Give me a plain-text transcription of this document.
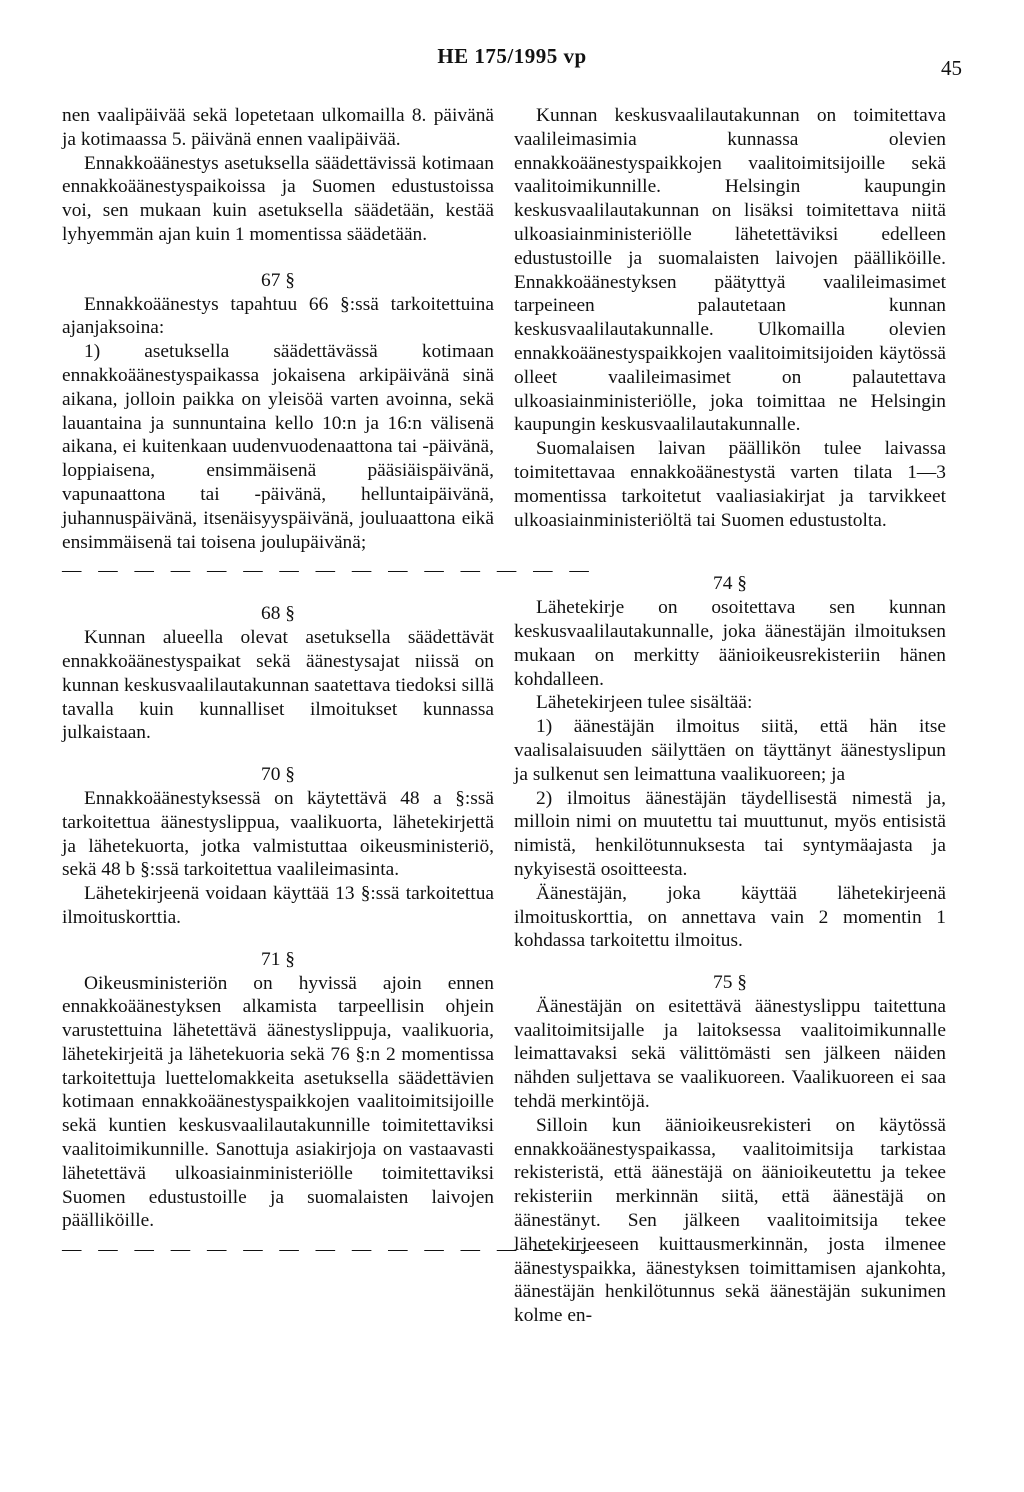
HE 175/1995 vp	45

nen vaalipäivää sekä lopetetaan ulkomailla 8. päivänä ja kotimaassa 5. päivänä ennen vaalipäivää.

Ennakkoäänestys asetuksella säädettävissä kotimaan ennakkoäänestyspaikoissa ja Suomen edustustoissa voi, sen mukaan kuin asetuksella säädetään, kestää lyhyemmän ajan kuin 1 momentissa säädetään.

67 §

Ennakkoäänestys tapahtuu 66 §:ssä tarkoitettuina ajanjaksoina:

1) asetuksella säädettävässä kotimaan ennakkoäänestyspaikassa jokaisena arkipäivänä sinä aikana, jolloin paikka on yleisöä varten avoinna, sekä lauantaina ja sunnuntaina kello 10:n ja 16:n välisenä aikana, ei kuitenkaan uudenvuodenaattona tai -päivänä, loppiaisena, ensimmäisenä pääsiäispäivänä, vapunaattona tai -päivänä, helluntaipäivänä, juhannuspäivänä, itsenäisyyspäivänä, jouluaattona eikä ensimmäisenä tai toisena joulupäivänä;

— — — — — — — — — — — — — — —

68 §

Kunnan alueella olevat asetuksella säädettävät ennakkoäänestyspaikat sekä äänestysajat niissä on kunnan keskusvaalilautakunnan saatettava tiedoksi sillä tavalla kuin kunnalliset ilmoitukset kunnassa julkaistaan.

70 §

Ennakkoäänestyksessä on käytettävä 48 a §:ssä tarkoitettua äänestyslippua, vaalikuorta, lähetekirjettä ja lähetekuorta, jotka valmistuttaa oikeusministeriö, sekä 48 b §:ssä tarkoitettua vaalileimasinta.

Lähetekirjeenä voidaan käyttää 13 §:ssä tarkoitettua ilmoituskorttia.

71 §

Oikeusministeriön on hyvissä ajoin ennen ennakkoäänestyksen alkamista tarpeellisin ohjein varustettuina lähetettävä äänestyslippuja, vaalikuoria, lähetekirjeitä ja lähetekuoria sekä 76 §:n 2 momentissa tarkoitettuja luettelomakkeita asetuksella säädettävien kotimaan ennakkoäänestyspaikkojen vaalitoimitsijoille sekä kuntien keskusvaalilautakunnille toimitettaviksi vaalitoimikunnille. Sanottuja asiakirjoja on vastaavasti lähetettävä ulkoasiainministeriölle toimitettaviksi Suomen edustustoille ja suomalaisten laivojen päälliköille.

— — — — — — — — — — — — — — —

Kunnan keskusvaalilautakunnan on toimitettava vaalileimasimia kunnassa olevien ennakkoäänestyspaikkojen vaalitoimitsijoille sekä vaalitoimikunnille. Helsingin kaupungin keskusvaalilautakunnan on lisäksi toimitettava niitä ulkoasiainministeriölle lähetettäviksi edelleen edustustoille ja suomalaisten laivojen päälliköille. Ennakkoäänestyksen päätyttyä vaalileimasimet tarpeineen palautetaan kunnan keskusvaalilautakunnalle. Ulkomailla olevien ennakkoäänestyspaikkojen vaalitoimitsijoiden käytössä olleet vaalileimasimet on palautettava ulkoasiainministeriölle, joka toimittaa ne Helsingin kaupungin keskusvaalilautakunnalle.

Suomalaisen laivan päällikön tulee laivassa toimitettavaa ennakkoäänestystä varten tilata 1—3 momentissa tarkoitetut vaaliasiakirjat ja tarvikkeet ulkoasiainministeriöltä tai Suomen edustustolta.

74 §

Lähetekirje on osoitettava sen kunnan keskusvaalilautakunnalle, joka äänestäjän ilmoituksen mukaan on merkitty äänioikeusrekisteriin hänen kohdalleen.

Lähetekirjeen tulee sisältää:

1) äänestäjän ilmoitus siitä, että hän itse vaalisalaisuuden säilyttäen on täyttänyt äänestyslipun ja sulkenut sen leimattuna vaalikuoreen; ja

2) ilmoitus äänestäjän täydellisestä nimestä ja, milloin nimi on muutettu tai muuttunut, myös entisistä nimistä, henkilötunnuksesta tai syntymäajasta ja nykyisestä osoitteesta.

Äänestäjän, joka käyttää lähetekirjeenä ilmoituskorttia, on annettava vain 2 momentin 1 kohdassa tarkoitettu ilmoitus.

75 §

Äänestäjän on esitettävä äänestyslippu taitettuna vaalitoimitsijalle ja laitoksessa vaalitoimikunnalle leimattavaksi sekä välittömästi sen jälkeen näiden nähden suljettava se vaalikuoreen. Vaalikuoreen ei saa tehdä merkintöjä.

Silloin kun äänioikeusrekisteri on käytössä ennakkoäänestyspaikassa, vaalitoimitsija tarkistaa rekisteristä, että äänestäjä on äänioikeutettu ja tekee rekisteriin merkinnän siitä, että äänestäjä on äänestänyt. Sen jälkeen vaalitoimitsija tekee lähetekirjeeseen kuittausmerkinnän, josta ilmenee äänestyspaikka, äänestyksen toimittamisen ajankohta, äänestäjän henkilötunnus sekä äänestäjän sukunimen kolme en-
